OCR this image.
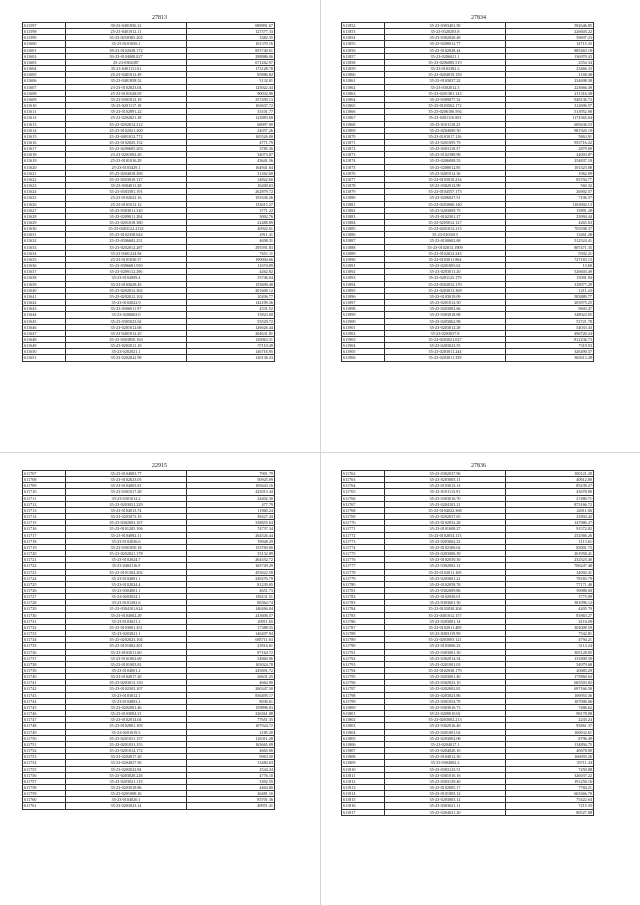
27813
611597	39-23-0401856.12	689891.67
611598	25-23-0401012.11	127377.33
611599	35-23-0250383.202	3382.35
611600	35-25-0101656.1	101370.16
611601	38-23-0102028.172	855740.61
611602	39-23-0104008.027	298886.06
611603	25-23-0304387	671262.97
611604	35-23-0401111.61	173128.78
611605	25-23-0401812.49	85886.82
611606	35-23-0401858.52	5132.01
611607	23-23-0102823.04	125022.44
611608	25-23-0101628.05	90032.96
611609	35-23-0301812.18	257450.13
611610	35-23-0201117.18	163637.72
611611	35-23-0102891.22	33101.77
611612	25-23-0202821.28	122883.69
611613	35-23-0202014.212	68097.00
611614	25-23-0102021.200	24057.26
611615	25-23-0401012.772	165526.00
611616	35-23-0102025.152	4771.79
611617	35-23-0200605.203	3785.36
611618	23-23-0201002.20	34073.07
611619	25-23-0101016.29	43641.56
611620	25-23-0103429.1	164941.04
611621	35-23-0204018.296	31262.60
611622	35-23-0203010.127	14822.60
611623	35-23-0304011.28	16200.63
611624	35-23-0303581.191	262879.72
611625	25-23-0102022.16	193336.26
611626	25-23-0101012.12	133615.27
611627	35-23-0303011.310	3771.22
611628	35-23-0209011.204	3002.76
611629	35-23-0201018.380	22488.89
611630	35-23-0403122.2132	20922.61
611631	35-23-0102358.644	2911.41
611632	25-23-0306602.251	4698.31
611633	35-23-0202012.287	295591.83
611634	35-23-0401224.94	7651.11
611635	25-23-0101036.57	190004.66
611636	35-23-0306681.950	11674.09
611637	35-23-0209112.296	4262.82
611638	35-23-0102009.4	33746.04
611639	35-23-0103628.45	153690.48
611640	35-23-0202012.302	201606.12
611641	35-23-0202012.102	10206.77
611642	35-23-0102022.9	142109.36
611643	35-23-0306011.97	4531.52
611644	35-23-0206002.0	15823.00
611645	35-23-0305023.62	55529.72
611646	35-23-0201012.68	126626.44
611647	35-23-0401812.25	204631.81
611648	35-23-0303850.163	129063.31
611649	35-23-0202011.10	57110.49
611650	35-23-0202021.1	146716.95
611651	35-23-0202022.99	120136.23
27834
611852	35-23-0303401.50	592646.85
611853	35-23-0320203.8	226603.22
611854	35-23-0302020.48	59697.23
611855	35-23-0208012.77	14715.33
611856	35-23-0102828.44	885463.18
611857	35-23-0206021.1	136970.43
611858	35-23-0206085.519	2554.34
611859	35-23-0103382.3	23466.33
611860	35-23-0204019.159	1168.48
611861	35-23-0103037.22	234698.38
611862	35-23-0302012.3	223666.49
611863	35-23-0201381.143	211316.38
611864	35-23-0309077.32	928136.72
611865	35-23-0103562.172	312696.57
611866	35-23-0206106.594	513952.08
611867	35-23-0201116.001	1174365.64
611868	35-23-0101110.23	605636.53
611869	35-23-0204000.30	981920.19
611870	35-23-0101017.116	5863.91
611871	35-23-0201095.79	955716.22
611872	35-23-0303118.37	2879.00
611873	35-23-0102388.96	24003.87
611874	35-23-0206008.53	254837.19
611875	35-23-0208012.85	101323.08
611876	35-23-0201012.36	1962.09
611877	35-23-0103010.234	83704.77
611878	35-23-0302012.99	560.32
611879	35-23-0104557.175	26902.57
611880	35-23-0206027.51	7106.57
611881	35-23-0203060.140	1163902.13
611882	35-23-0203009.75	15891.28
611883	35-23-0102301.27	23994.44
611884	35-23-0205012.127	4265.63
611885	35-23-0201012.215	703598.37
611886	35-23-0103013	13461.28
611887	35-23-0100602.68	512524.41
611888	35-23-0102013.1909	807471.35
611889	35-23-0102612.243	5502.21
611890	35-23-0103011.864	727183.13
611891	35-23-0201003.62	13.60
611892	35-23-0203011.20	526603.49
611893	35-23-0201123.179	15091.94
611894	35-23-0302012.170	318977.29
611895	35-23-0203013.369	1211.23
611896	35-23-0103019.09	583889.77
611897	35-23-0201012.50	203975.25
611898	35-23-0203002.66	9603.47
611899	35-23-0303018.08	348024.05
611900	35-23-0203062.98	53721.78
611901	35-23-0203012.28	54033.43
611902	35-23-0203037.8	496726.24
611903	35-23-0203021.027	812236.73
611904	35-23-0203023.55	7319.53
611905	35-23-0203011.244	326490.37
611906	35-23-0203011.359	365613.28
22915
611707	35-23-0104003.77	7901.79
611708	35-23-0102623.03	50925.09
611709	35-23-0104003.81	105643.16
611710	35-23-0301017.28	425015.44
611711	35-23-0301012.2	24402.30
611712	35-23-0203031.229	477.79
611713	35-23-0104013.74	11860.24
611714	35-23-0203073.19	38427.44
611715	35-23-0302003.167	338855.64
611716	35-23-0101205.106	74737.34
611717	35-23-0104092.11	264526.44
611718	35-23-0102036.6	19948.29
611719	35-23-0301050.18	133769.00
611720	35-23-0202021.178	33132.89
611721	35-23-0102024.7	264352.72
611722	35-23-0404116.9	165749.29
611723	35-23-0101304.202	455622.58
611724	35-23-0104001.1	249276.79
611725	35-23-0102024.4	81239.65
611726	35-23-0304001.1	4651.73
611727	35-23-0203024.1	158231.51
611728	35-23-0101202.6	86364.74
611729	35-23-0304101.624	146266.04
611730	35-23-0104002.29	243606.57
611731	35-23-0103021.2	20911.65
611732	35-23-0103001.451	17388.55
611733	35-23-0203021.1	146207.94
611734	35-23-0202023.104	685711.63
611735	35-23-0101002.201	23916.61
611736	35-23-0103011.60	87164.72
611737	35-23-0101002.69	54860.06
611738	35-23-0101003.81	103024.78
611739	35-23-0104001.2	245691.72
611740	35-23-0104017.20	26631.25
611741	35-23-0203013.150	4664.90
611742	35-23-0102303.107	260347.50
611743	35-23-0103012.1	836495.17
611744	35-23-0104003.2	8036.61
611745	35-23-0202001.46	159896.03
611746	35-23-0103004.21	226561.08
611747	35-23-0102014.04	77651.35
611748	35-23-0102801.105	107924.72
611749	35-23-0201019.3	2185.20
611750	35-23-0201031.157	126311.28
611751	35-23-0201031.153	163665.09
611752	35-23-0201014.172	4665.00
611753	35-23-0204017.20	9063.50
611754	35-23-0204027.56	13484.63
611755	35-23-0203022.84	2544.24
611756	35-23-0203020.226	4776.10
611757	35-23-0203021.115	3392.55
611758	35-23-0203018.86	4464.80
611759	35-23-0201008.16	26481.16
611760	35-23-0104020.1	83701.36
611761	35-23-0203023.14	49951.41
27836
611762	35-23-0302037.96	100121.29
611763	35-23-0203005.11	40612.00
611764	35-23-0103013.12	85239.27
611765	35-23-0101113.91	43678.00
611766	35-23-0303016.70	27480.71
611767	35-23-0204103.21	873166.72
611768	35-23-0104022.368	24011.06
611769	35-23-0202037.65	23804.42
611770	35-23-0102032.28	147086.27
611771	35-23-0101008.27	91572.82
611772	35-23-0102054.113	252566.26
611773	35-23-0203062.22	1113.61
611774	35-23-0102306.62	83001.73
611775	35-23-0203006.39	261958.41
611776	35-23-0102030.30	232523.40
611777	35-23-0302002.12	706247.48
611778	35-23-0102011.169	34002.41
611779	35-23-0203001.21	78183.79
611780	35-23-0102058.76	77171.40
611781	35-23-0302009.86	39088.00
611782	35-23-0102036.01	3775.09
611783	35-23-0303601.30	381096.12
611784	35-23-0102030.204	4205.79
611785	35-23-0401012.157	81863.27
611786	35-23-0203001.14	4116.09
611787	35-23-0102011.409	302008.59
611788	35-23-0303119.99	7542.81
611789	35-23-0203003.121	4794.21
611790	35-23-0103006.22	3113.24
611791	35-23-0303001.30	305128.05
611792	35-23-0302014.54	131800.39
611793	35-23-0201001.03	54979.68
611794	35-23-0102038.179	20683.29
611795	35-23-0203001.40	175860.63
611796	35-23-0302023.10	665503.82
611797	35-23-0202002.81	697166.30
611798	35-23-0203023.86	106953.36
611799	35-23-0301054.79	107006.06
611800	35-23-0303016.73	7486.62
611801	35-23-0200010.02	98178.08
611802	35-23-0203002.213	2243.24
611803	35-23-0302016.40	95861.37
611804	35-23-0201001.02	160632.61
611805	35-23-0203002.08	8796.49
611806	35-23-0204017.1	134894.75
611807	35-23-0204020.10	40678.00
611808	35-23-0104012.30	166093.26
611809	35-23-0304002.2	35711.44
611810	35-23-0303123.51	7250.08
611811	35-23-0301016.16	326037.22
611812	35-23-0303139.40	191250.16
611813	35-23-0102005.17	7784.21
611814	35-23-0101005.12	601666.70
611815	35-23-0203003.12	75422.64
611816	35-23-0303021.11	7215.35
611817	35-23-0204021.20	80527.08
